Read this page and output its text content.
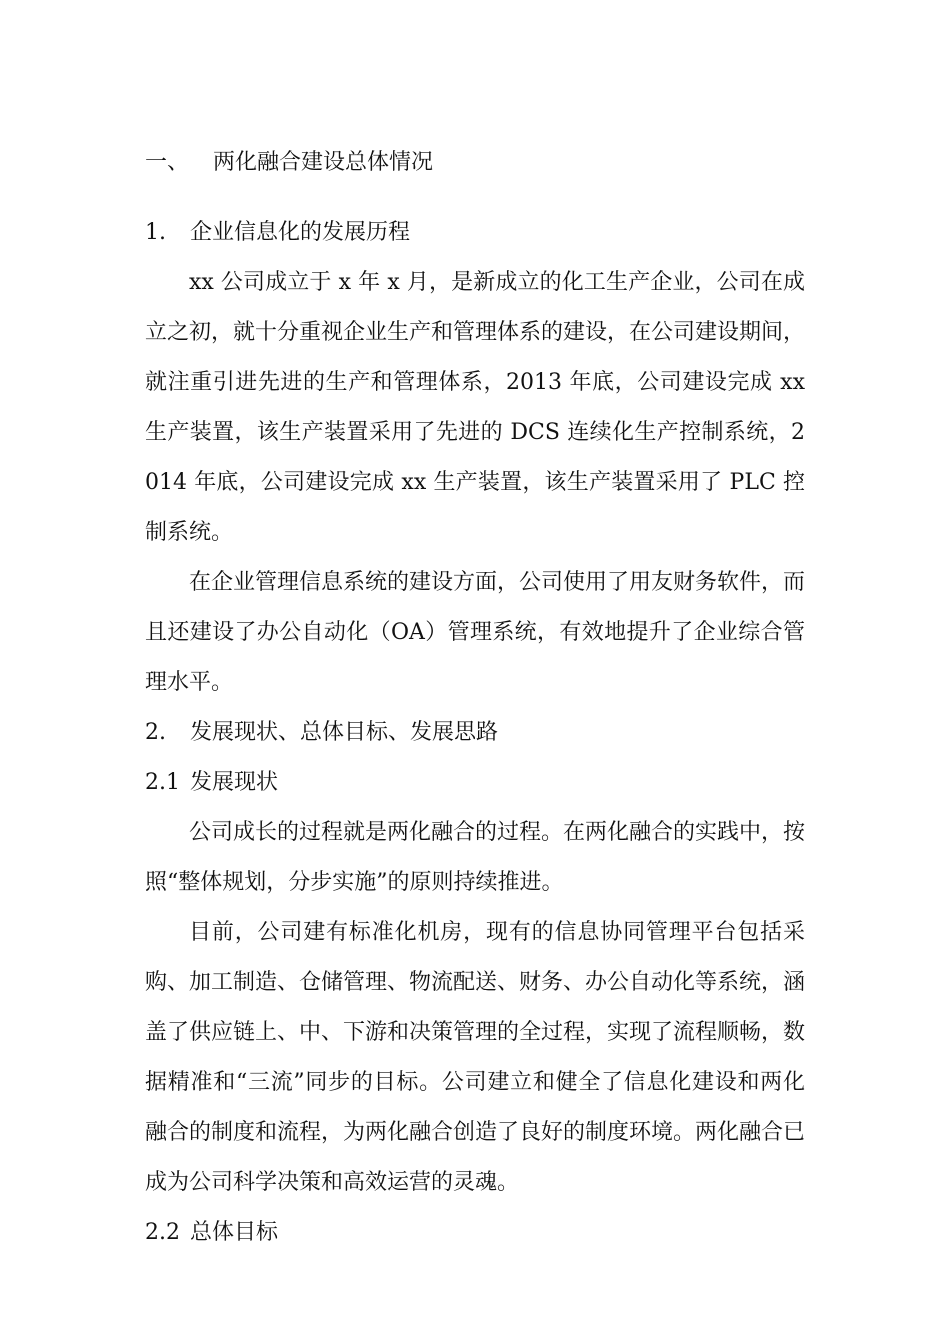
一、	两化融合建设总体情况
1.	企业信息化的发展历程

xx 公司成立于 x 年 x 月，是新成立的化工生产企业，公司在成立之初，就十分重视企业生产和管理体系的建设，在公司建设期间，就注重引进先进的生产和管理体系，2013 年底，公司建设完成 xx 生产装置，该生产装置采用了先进的 DCS 连续化生产控制系统，2014 年底，公司建设完成 xx 生产装置，该生产装置采用了 PLC 控制系统。

在企业管理信息系统的建设方面，公司使用了用友财务软件，而且还建设了办公自动化（OA）管理系统，有效地提升了企业综合管理水平。

2.	发展现状、总体目标、发展思路
2.1 发展现状

公司成长的过程就是两化融合的过程。在两化融合的实践中，按照“整体规划，分步实施”的原则持续推进。

目前，公司建有标准化机房，现有的信息协同管理平台包括采购、加工制造、仓储管理、物流配送、财务、办公自动化等系统，涵盖了供应链上、中、下游和决策管理的全过程，实现了流程顺畅，数据精准和“三流”同步的目标。公司建立和健全了信息化建设和两化融合的制度和流程，为两化融合创造了良好的制度环境。两化融合已成为公司科学决策和高效运营的灵魂。

2.2 总体目标
